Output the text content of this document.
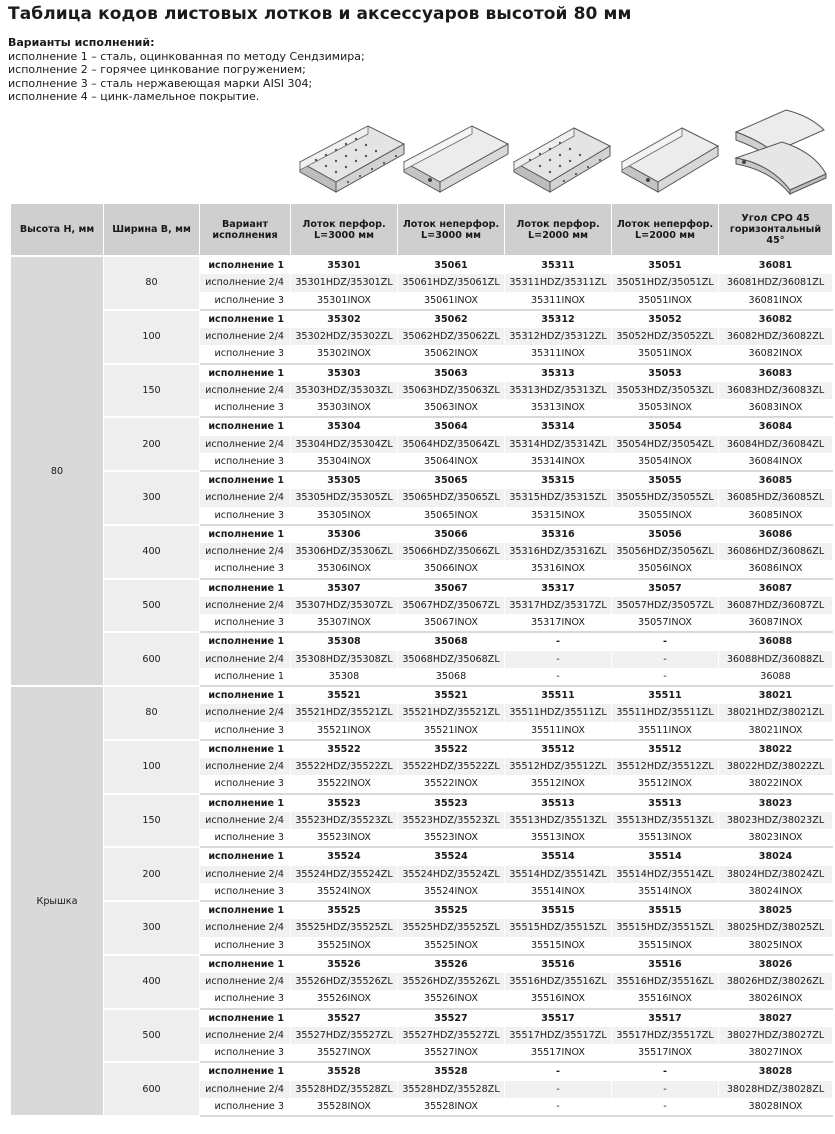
Таблица кодов листовых лотков и аксессуаров высотой 80 мм
Варианты исполнений:
исполнение 1 – сталь, оцинкованная по методу Сендзимира;
исполнение 2 – горячее цинкование погружением;
исполнение 3 – сталь нержавеющая марки AISI 304;
исполнение 4 – цинк-ламельное покрытие.
Высота Н, мм	Ширина В, мм	Вариант исполнения	Лоток перфор. L=3000 мм	Лоток неперфор. L=3000 мм	Лоток перфор. L=2000 мм	Лоток неперфор. L=2000 мм	Угол CPO 45 горизонтальный 45°
80	80	исполнение 1	35301	35061	35311	35051	36081
		исполнение 2/4	35301HDZ/35301ZL	35061HDZ/35061ZL	35311HDZ/35311ZL	35051HDZ/35051ZL	36081HDZ/36081ZL
		исполнение 3	35301INOX	35061INOX	35311INOX	35051INOX	36081INOX
	100	исполнение 1	35302	35062	35312	35052	36082
		исполнение 2/4	35302HDZ/35302ZL	35062HDZ/35062ZL	35312HDZ/35312ZL	35052HDZ/35052ZL	36082HDZ/36082ZL
		исполнение 3	35302INOX	35062INOX	35311INOX	35051INOX	36082INOX
	150	исполнение 1	35303	35063	35313	35053	36083
		исполнение 2/4	35303HDZ/35303ZL	35063HDZ/35063ZL	35313HDZ/35313ZL	35053HDZ/35053ZL	36083HDZ/36083ZL
		исполнение 3	35303INOX	35063INOX	35313INOX	35053INOX	36083INOX
	200	исполнение 1	35304	35064	35314	35054	36084
		исполнение 2/4	35304HDZ/35304ZL	35064HDZ/35064ZL	35314HDZ/35314ZL	35054HDZ/35054ZL	36084HDZ/36084ZL
		исполнение 3	35304INOX	35064INOX	35314INOX	35054INOX	36084INOX
	300	исполнение 1	35305	35065	35315	35055	36085
		исполнение 2/4	35305HDZ/35305ZL	35065HDZ/35065ZL	35315HDZ/35315ZL	35055HDZ/35055ZL	36085HDZ/36085ZL
		исполнение 3	35305INOX	35065INOX	35315INOX	35055INOX	36085INOX
	400	исполнение 1	35306	35066	35316	35056	36086
		исполнение 2/4	35306HDZ/35306ZL	35066HDZ/35066ZL	35316HDZ/35316ZL	35056HDZ/35056ZL	36086HDZ/36086ZL
		исполнение 3	35306INOX	35066INOX	35316INOX	35056INOX	36086INOX
	500	исполнение 1	35307	35067	35317	35057	36087
		исполнение 2/4	35307HDZ/35307ZL	35067HDZ/35067ZL	35317HDZ/35317ZL	35057HDZ/35057ZL	36087HDZ/36087ZL
		исполнение 3	35307INOX	35067INOX	35317INOX	35057INOX	36087INOX
	600	исполнение 1	35308	35068	-	-	36088
		исполнение 2/4	35308HDZ/35308ZL	35068HDZ/35068ZL	-	-	36088HDZ/36088ZL
		исполнение 1	35308	35068	-	-	36088
Крышка	80	исполнение 1	35521	35521	35511	35511	38021
		исполнение 2/4	35521HDZ/35521ZL	35521HDZ/35521ZL	35511HDZ/35511ZL	35511HDZ/35511ZL	38021HDZ/38021ZL
		исполнение 3	35521INOX	35521INOX	35511INOX	35511INOX	38021INOX
	100	исполнение 1	35522	35522	35512	35512	38022
		исполнение 2/4	35522HDZ/35522ZL	35522HDZ/35522ZL	35512HDZ/35512ZL	35512HDZ/35512ZL	38022HDZ/38022ZL
		исполнение 3	35522INOX	35522INOX	35512INOX	35512INOX	38022INOX
	150	исполнение 1	35523	35523	35513	35513	38023
		исполнение 2/4	35523HDZ/35523ZL	35523HDZ/35523ZL	35513HDZ/35513ZL	35513HDZ/35513ZL	38023HDZ/38023ZL
		исполнение 3	35523INOX	35523INOX	35513INOX	35513INOX	38023INOX
	200	исполнение 1	35524	35524	35514	35514	38024
		исполнение 2/4	35524HDZ/35524ZL	35524HDZ/35524ZL	35514HDZ/35514ZL	35514HDZ/35514ZL	38024HDZ/38024ZL
		исполнение 3	35524INOX	35524INOX	35514INOX	35514INOX	38024INOX
	300	исполнение 1	35525	35525	35515	35515	38025
		исполнение 2/4	35525HDZ/35525ZL	35525HDZ/35525ZL	35515HDZ/35515ZL	35515HDZ/35515ZL	38025HDZ/38025ZL
		исполнение 3	35525INOX	35525INOX	35515INOX	35515INOX	38025INOX
	400	исполнение 1	35526	35526	35516	35516	38026
		исполнение 2/4	35526HDZ/35526ZL	35526HDZ/35526ZL	35516HDZ/35516ZL	35516HDZ/35516ZL	38026HDZ/38026ZL
		исполнение 3	35526INOX	35526INOX	35516INOX	35516INOX	38026INOX
	500	исполнение 1	35527	35527	35517	35517	38027
		исполнение 2/4	35527HDZ/35527ZL	35527HDZ/35527ZL	35517HDZ/35517ZL	35517HDZ/35517ZL	38027HDZ/38027ZL
		исполнение 3	35527INOX	35527INOX	35517INOX	35517INOX	38027INOX
	600	исполнение 1	35528	35528	-	-	38028
		исполнение 2/4	35528HDZ/35528ZL	35528HDZ/35528ZL	-	-	38028HDZ/38028ZL
		исполнение 3	35528INOX	35528INOX	-	-	38028INOX
